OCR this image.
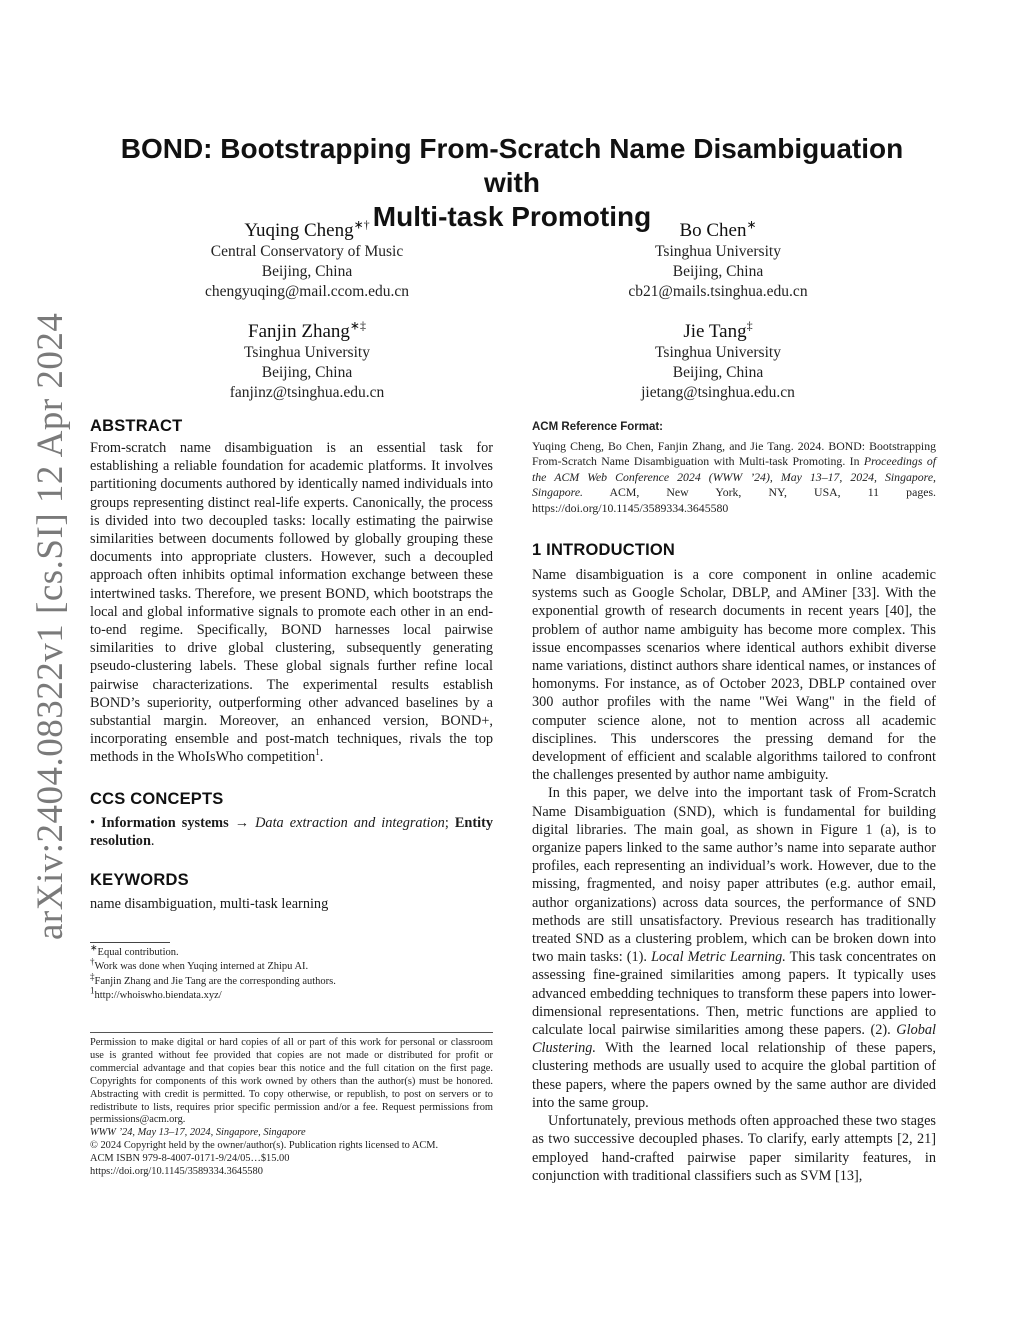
arXiv:2404.08322v1 [cs.SI] 12 Apr 2024
BOND: Bootstrapping From-Scratch Name Disambiguation with
Multi-task Promoting
Yuqing Cheng∗†
Central Conservatory of Music
Beijing, China
chengyuqing@mail.ccom.edu.cn
Bo Chen∗
Tsinghua University
Beijing, China
cb21@mails.tsinghua.edu.cn
Fanjin Zhang∗‡
Tsinghua University
Beijing, China
fanjinz@tsinghua.edu.cn
Jie Tang‡
Tsinghua University
Beijing, China
jietang@tsinghua.edu.cn
ABSTRACT

From-scratch name disambiguation is an essential task for establishing a reliable foundation for academic platforms. It involves partitioning documents authored by identically named individuals into groups representing distinct real-life experts. Canonically, the process is divided into two decoupled tasks: locally estimating the pairwise similarities between documents followed by globally grouping these documents into appropriate clusters. However, such a decoupled approach often inhibits optimal information exchange between these intertwined tasks. Therefore, we present BOND, which bootstraps the local and global informative signals to promote each other in an end-to-end regime. Specifically, BOND harnesses local pairwise similarities to drive global clustering, subsequently generating pseudo-clustering labels. These global signals further refine local pairwise characterizations. The experimental results establish BOND’s superiority, outperforming other advanced baselines by a substantial margin. Moreover, an enhanced version, BOND+, incorporating ensemble and post-match techniques, rivals the top methods in the WhoIsWho competition$^1$.

CCS CONCEPTS

• Information systems → Data extraction and integration; Entity resolution.

KEYWORDS

name disambiguation, multi-task learning

∗Equal contribution.
†Work was done when Yuqing interned at Zhipu AI.
‡Fanjin Zhang and Jie Tang are the corresponding authors.
$^1$http://whoiswho.biendata.xyz/

Permission to make digital or hard copies of all or part of this work for personal or classroom use is granted without fee provided that copies are not made or distributed for profit or commercial advantage and that copies bear this notice and the full citation on the first page. Copyrights for components of this work owned by others than the author(s) must be honored. Abstracting with credit is permitted. To copy otherwise, or republish, to post on servers or to redistribute to lists, requires prior specific permission and/or a fee. Request permissions from permissions@acm.org.

WWW ’24, May 13–17, 2024, Singapore, Singapore

© 2024 Copyright held by the owner/author(s). Publication rights licensed to ACM.

ACM ISBN 979-8-4007-0171-9/24/05…$15.00

https://doi.org/10.1145/3589334.3645580

ACM Reference Format:

Yuqing Cheng, Bo Chen, Fanjin Zhang, and Jie Tang. 2024. BOND: Bootstrapping From-Scratch Name Disambiguation with Multi-task Promoting. In Proceedings of the ACM Web Conference 2024 (WWW ’24), May 13–17, 2024, Singapore, Singapore. ACM, New York, NY, USA, 11 pages. https://doi.org/10.1145/3589334.3645580

1 INTRODUCTION

Name disambiguation is a core component in online academic systems such as Google Scholar, DBLP, and AMiner [33]. With the exponential growth of research documents in recent years [40], the problem of author name ambiguity has become more complex. This issue encompasses scenarios where identical authors exhibit diverse name variations, distinct authors share identical names, or instances of homonyms. For instance, as of October 2023, DBLP contained over 300 author profiles with the name "Wei Wang" in the field of computer science alone, not to mention across all academic disciplines. This underscores the pressing demand for the development of efficient and scalable algorithms tailored to confront the challenges presented by author name ambiguity.

In this paper, we delve into the important task of From-Scratch Name Disambiguation (SND), which is fundamental for building digital libraries. The main goal, as shown in Figure 1 (a), is to organize papers linked to the same author’s name into separate author profiles, each representing an individual’s work. However, due to the missing, fragmented, and noisy paper attributes (e.g. author email, author organizations) across data sources, the performance of SND methods are still unsatisfactory. Previous research has traditionally treated SND as a clustering problem, which can be broken down into two main tasks: (1). Local Metric Learning. This task concentrates on assessing fine-grained similarities among papers. It typically uses advanced embedding techniques to transform these papers into lower-dimensional representations. Then, metric functions are applied to calculate local pairwise similarities among these papers. (2). Global Clustering. With the learned local relationship of these papers, clustering methods are usually used to acquire the global partition of these papers, where the papers owned by the same author are divided into the same group.

Unfortunately, previous methods often approached these two stages as two successive decoupled phases. To clarify, early attempts [2, 21] employed hand-crafted pairwise paper similarity features, in conjunction with traditional classifiers such as SVM [13],
